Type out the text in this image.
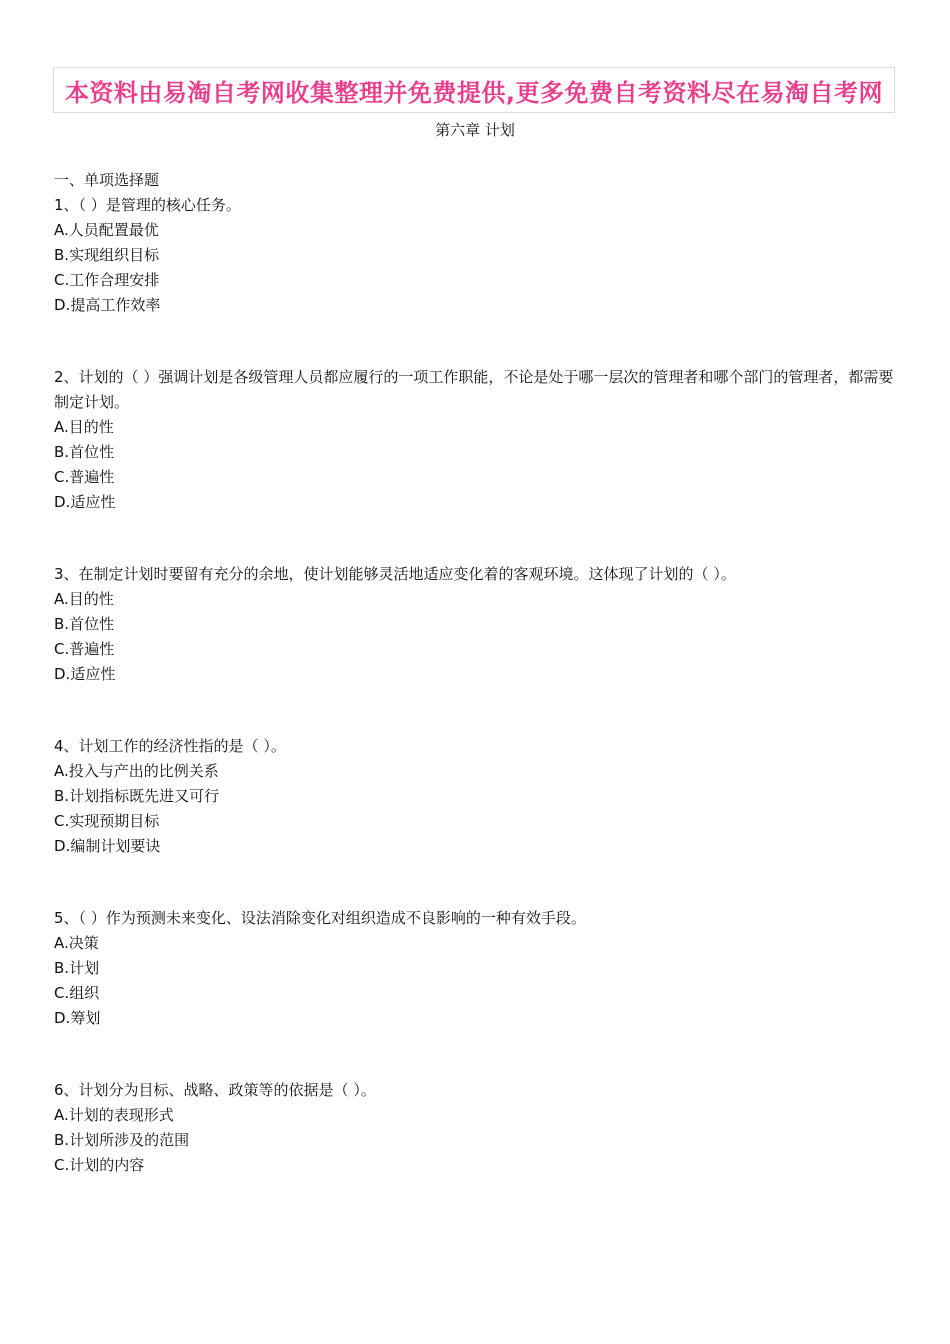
本资料由易淘自考网收集整理并免费提供,更多免费自考资料尽在易淘自考网
第六章 计划
一、单项选择题
1、（ ）是管理的核心任务。
A.人员配置最优
B.实现组织目标
C.工作合理安排
D.提高工作效率
2、计划的（ ）强调计划是各级管理人员都应履行的一项工作职能，不论是处于哪一层次的管理者和哪个部门的管理者，都需要制定计划。
A.目的性
B.首位性
C.普遍性
D.适应性
3、在制定计划时要留有充分的余地，使计划能够灵活地适应变化着的客观环境。这体现了计划的（ ）。
A.目的性
B.首位性
C.普遍性
D.适应性
4、计划工作的经济性指的是（ ）。
A.投入与产出的比例关系
B.计划指标既先进又可行
C.实现预期目标
D.编制计划要诀
5、（ ）作为预测未来变化、设法消除变化对组织造成不良影响的一种有效手段。
A.决策
B.计划
C.组织
D.筹划
6、计划分为目标、战略、政策等的依据是（ ）。
A.计划的表现形式
B.计划所涉及的范围
C.计划的内容
